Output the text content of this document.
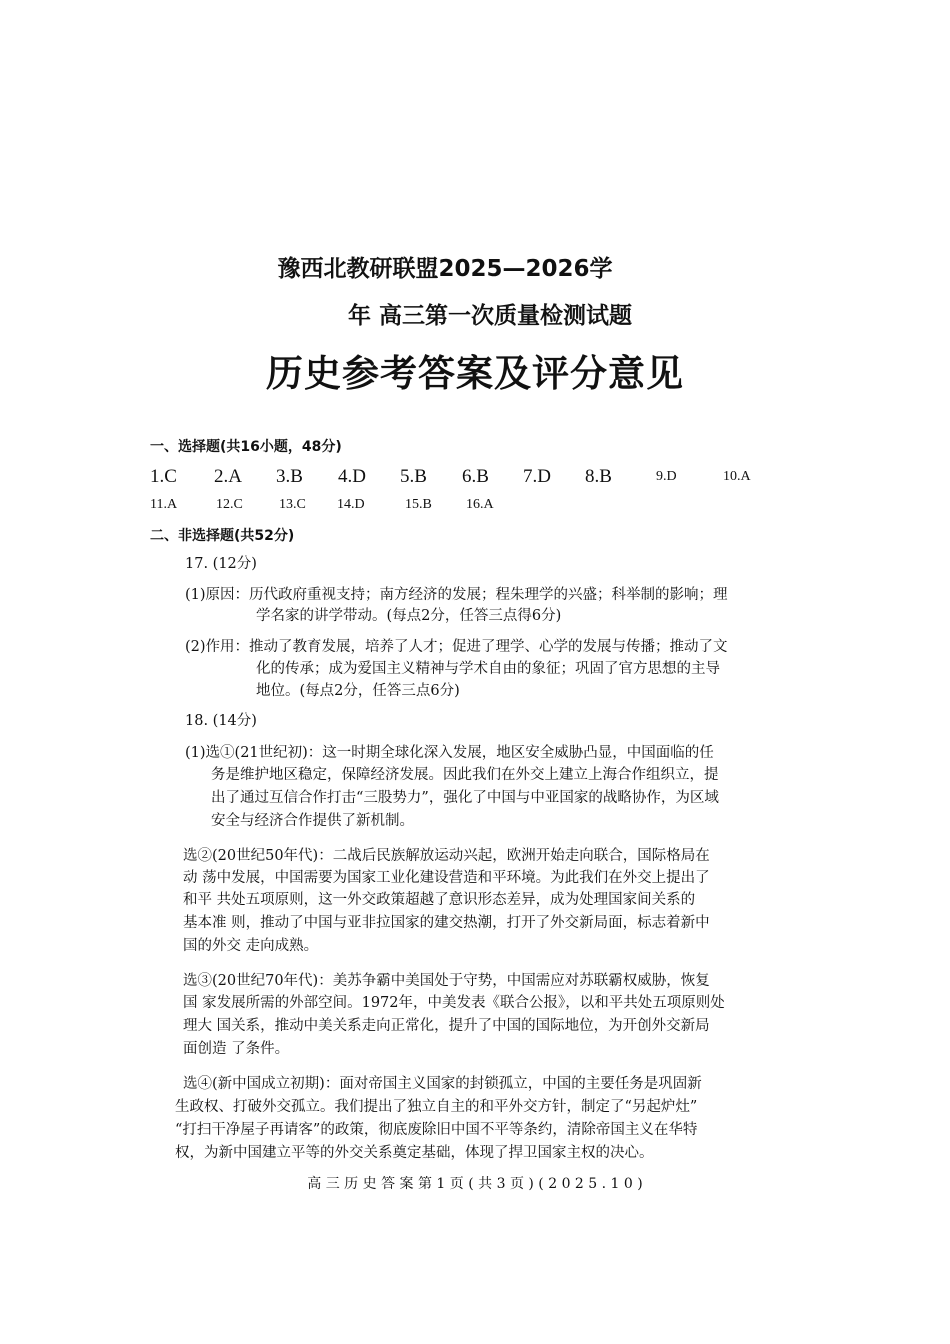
豫西北教研联盟2025—2026学
年 高三第一次质量检测试题
历史参考答案及评分意见
一、选择题(共16小题，48分)
1.C 2.A 3.B 4.D 5.B 6.B 7.D 8.B	9.D	10.A
11.A	12.C	13.C 14.D	15.B 16.A
二、非选择题(共52分)
17. (12分)
(1)原因：历代政府重视支持；南方经济的发展；程朱理学的兴盛；科举制的影响；理
学名家的讲学带动。(每点2分，任答三点得6分)
(2)作用：推动了教育发展，培养了人才；促进了理学、心学的发展与传播；推动了文
化的传承；成为爱国主义精神与学术自由的象征；巩固了官方思想的主导
地位。(每点2分，任答三点6分)
18. (14分)
(1)选①(21世纪初)：这一时期全球化深入发展，地区安全威胁凸显，中国面临的任
务是维护地区稳定，保障经济发展。因此我们在外交上建立上海合作组织立，提
出了通过互信合作打击“三股势力”，强化了中国与中亚国家的战略协作，为区域
安全与经济合作提供了新机制。
选②(20世纪50年代)：二战后民族解放运动兴起，欧洲开始走向联合，国际格局在
动 荡中发展，中国需要为国家工业化建设营造和平环境。为此我们在外交上提出了
和平 共处五项原则，这一外交政策超越了意识形态差异，成为处理国家间关系的
基本准 则，推动了中国与亚非拉国家的建交热潮，打开了外交新局面，标志着新中
国的外交 走向成熟。
选③(20世纪70年代)：美苏争霸中美国处于守势，中国需应对苏联霸权威胁，恢复
国 家发展所需的外部空间。1972年，中美发表《联合公报》，以和平共处五项原则处
理大 国关系，推动中美关系走向正常化，提升了中国的国际地位，为开创外交新局
面创造 了条件。
选④(新中国成立初期)：面对帝国主义国家的封锁孤立，中国的主要任务是巩固新
生政权、打破外交孤立。我们提出了独立自主的和平外交方针，制定了“另起炉灶”
“打扫干净屋子再请客”的政策，彻底废除旧中国不平等条约，清除帝国主义在华特
权，为新中国建立平等的外交关系奠定基础，体现了捍卫国家主权的决心。
高 三 历 史 答 案 第 1 页 ( 共 3 页 ) ( 2 0 2 5 . 1 0 )
